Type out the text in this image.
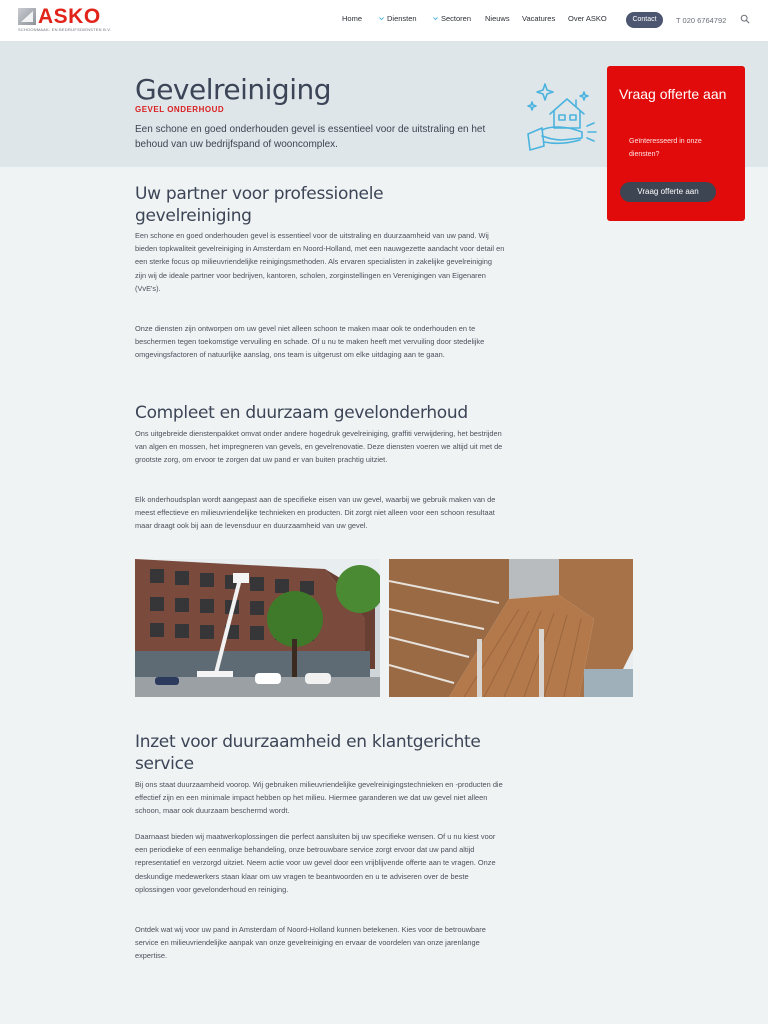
ASKO
SCHOONMAAK- EN BEDRIJFSDIENSTEN B.V.
Home	Diensten	Sectoren Nieuws Vacatures Over ASKO	Contact	T 020 6764792
Gevelreiniging
GEVEL ONDERHOUD

Een schone en goed onderhouden gevel is essentieel voor de uitstraling en het behoud van uw bedrijfspand of wooncomplex.

Vraag offerte aan
Geïnteresseerd in onze diensten?
Vraag offerte aan
Uw partner voor professionele gevelreiniging

Een schone en goed onderhouden gevel is essentieel voor de uitstraling en duurzaamheid van uw pand. Wij bieden topkwaliteit gevelreiniging in Amsterdam en Noord-Holland, met een nauwgezette aandacht voor detail en een sterke focus op milieuvriendelijke reinigingsmethoden. Als ervaren specialisten in zakelijke gevelreiniging zijn wij de ideale partner voor bedrijven, kantoren, scholen, zorginstellingen en Verenigingen van Eigenaren (VvE's).

Onze diensten zijn ontworpen om uw gevel niet alleen schoon te maken maar ook te onderhouden en te beschermen tegen toekomstige vervuiling en schade. Of u nu te maken heeft met vervuiling door stedelijke omgevingsfactoren of natuurlijke aanslag, ons team is uitgerust om elke uitdaging aan te gaan.

Compleet en duurzaam gevelonderhoud

Ons uitgebreide dienstenpakket omvat onder andere hogedruk gevelreiniging, graffiti verwijdering, het bestrijden van algen en mossen, het impregneren van gevels, en gevelrenovatie. Deze diensten voeren we altijd uit met de grootste zorg, om ervoor te zorgen dat uw pand er van buiten prachtig uitziet.

Elk onderhoudsplan wordt aangepast aan de specifieke eisen van uw gevel, waarbij we gebruik maken van de meest effectieve en milieuvriendelijke technieken en producten. Dit zorgt niet alleen voor een schoon resultaat maar draagt ook bij aan de levensduur en duurzaamheid van uw gevel.

Inzet voor duurzaamheid en klantgerichte service

Bij ons staat duurzaamheid voorop. Wij gebruiken milieuvriendelijke gevelreinigingstechnieken en -producten die effectief zijn en een minimale impact hebben op het milieu. Hiermee garanderen we dat uw gevel niet alleen schoon, maar ook duurzaam beschermd wordt.

Daarnaast bieden wij maatwerkoplossingen die perfect aansluiten bij uw specifieke wensen. Of u nu kiest voor een periodieke of een eenmalige behandeling, onze betrouwbare service zorgt ervoor dat uw pand altijd representatief en verzorgd uitziet. Neem actie voor uw gevel door een vrijblijvende offerte aan te vragen. Onze deskundige medewerkers staan klaar om uw vragen te beantwoorden en u te adviseren over de beste oplossingen voor gevelonderhoud en reiniging.

Ontdek wat wij voor uw pand in Amsterdam of Noord-Holland kunnen betekenen. Kies voor de betrouwbare service en milieuvriendelijke aanpak van onze gevelreiniging en ervaar de voordelen van onze jarenlange expertise.
